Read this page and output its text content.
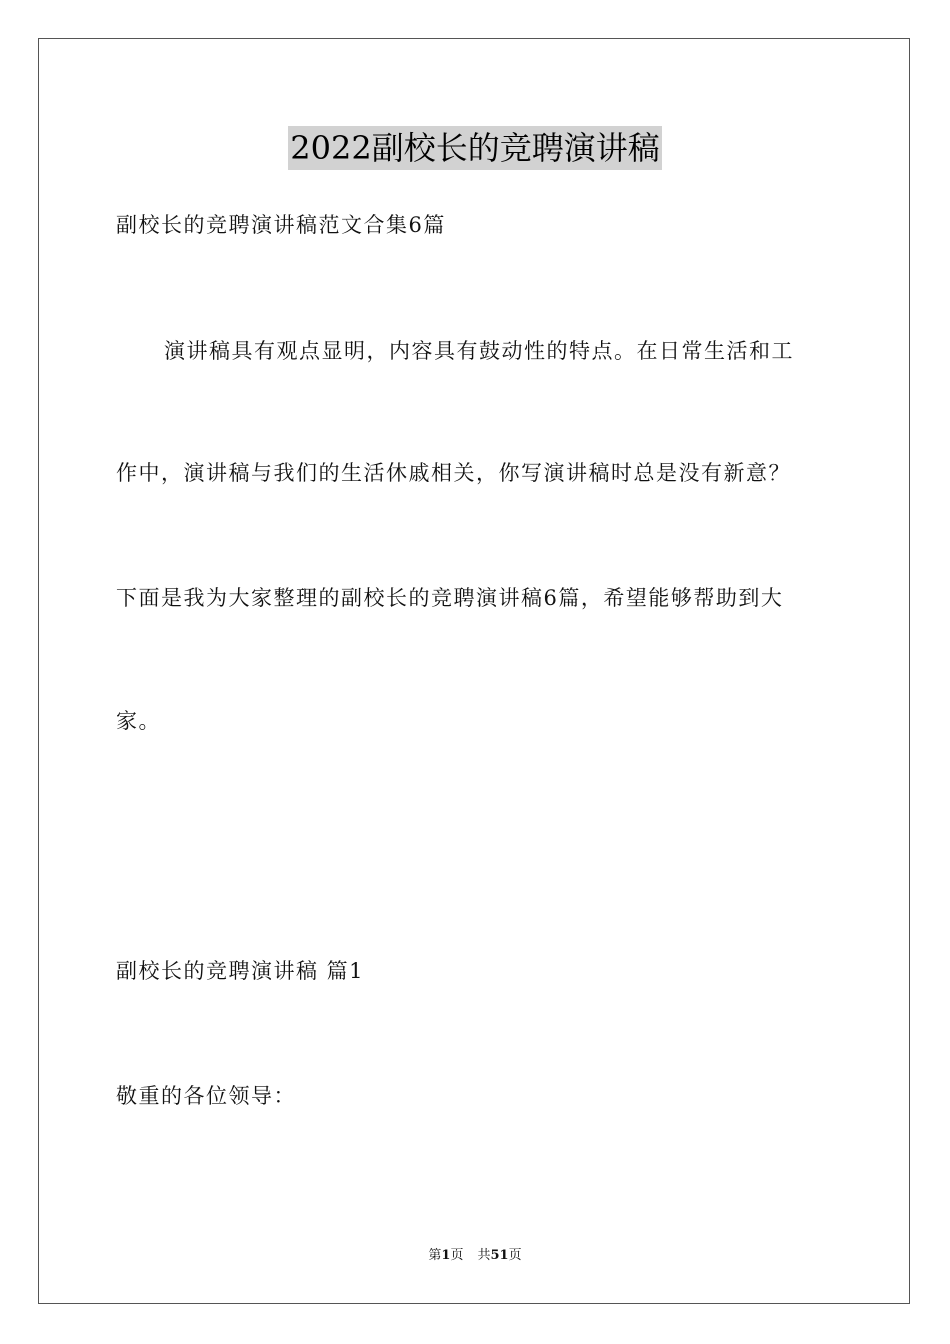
2022副校长的竞聘演讲稿

副校长的竞聘演讲稿范文合集6篇

演讲稿具有观点显明，内容具有鼓动性的特点。在日常生活和工

作中，演讲稿与我们的生活休戚相关，你写演讲稿时总是没有新意？

下面是我为大家整理的副校长的竞聘演讲稿6篇，希望能够帮助到大

家。

副校长的竞聘演讲稿 篇1

敬重的各位领导：

第1页 共51页
